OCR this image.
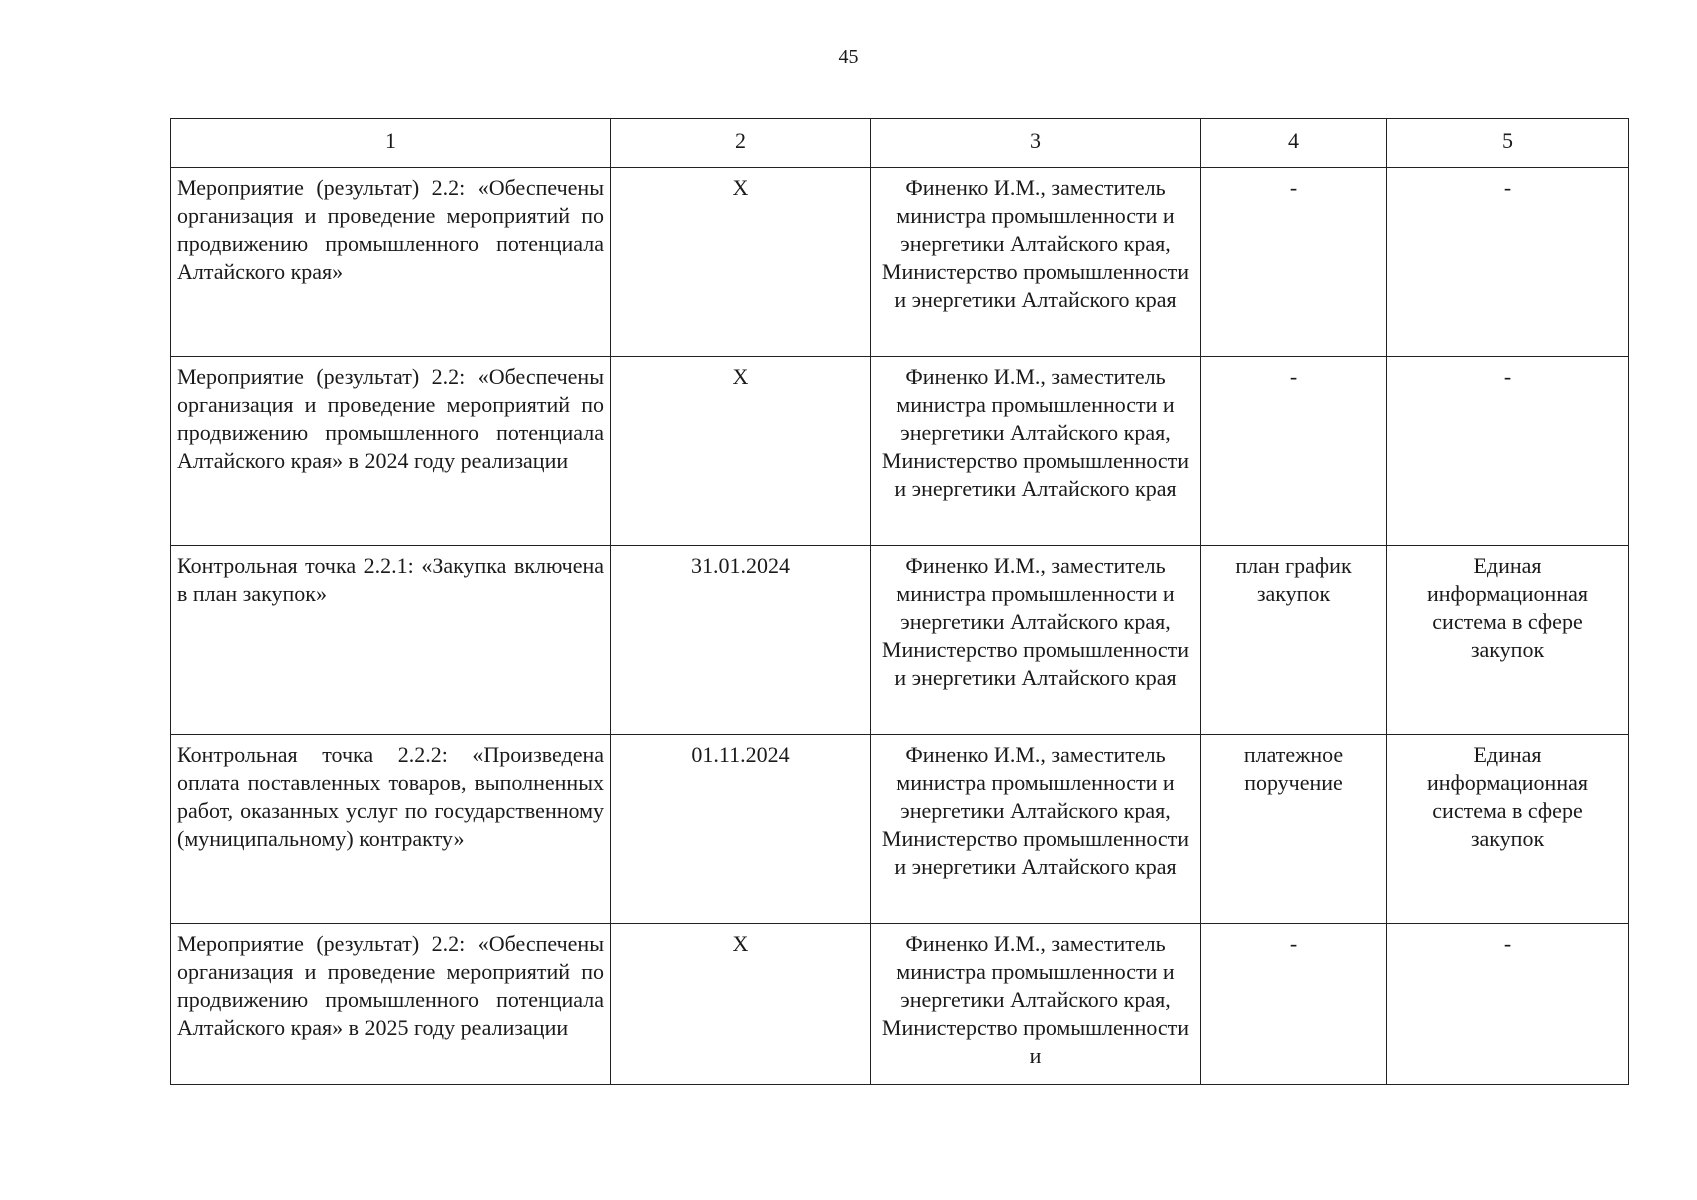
45
1	2	3	4	5
Мероприятие (результат) 2.2: «Обеспечены организация и проведение мероприятий по продвижению промышленного потенциала Алтайского края»	Х	Финенко И.М., заместитель министра промышленности и энергетики Алтайского края, Министерство промышленности и энергетики Алтайского края	-	-
Мероприятие (результат) 2.2: «Обеспечены организация и проведение мероприятий по продвижению промышленного потенциала Алтайского края» в 2024 году реализации	Х	Финенко И.М., заместитель министра промышленности и энергетики Алтайского края, Министерство промышленности и энергетики Алтайского края	-	-
Контрольная точка 2.2.1: «Закупка включена в план закупок»	31.01.2024	Финенко И.М., заместитель министра промышленности и энергетики Алтайского края, Министерство промышленности и энергетики Алтайского края	план график закупок	Единая информационная система в сфере закупок
Контрольная точка 2.2.2: «Произведена оплата поставленных товаров, выполненных работ, оказанных услуг по государственному (муниципальному) контракту»	01.11.2024	Финенко И.М., заместитель министра промышленности и энергетики Алтайского края, Министерство промышленности и энергетики Алтайского края	платежное поручение	Единая информационная система в сфере закупок
Мероприятие (результат) 2.2: «Обеспечены организация и проведение мероприятий по продвижению промышленного потенциала Алтайского края» в 2025 году реализации	Х	Финенко И.М., заместитель министра промышленности и энергетики Алтайского края, Министерство промышленности и	-	-
